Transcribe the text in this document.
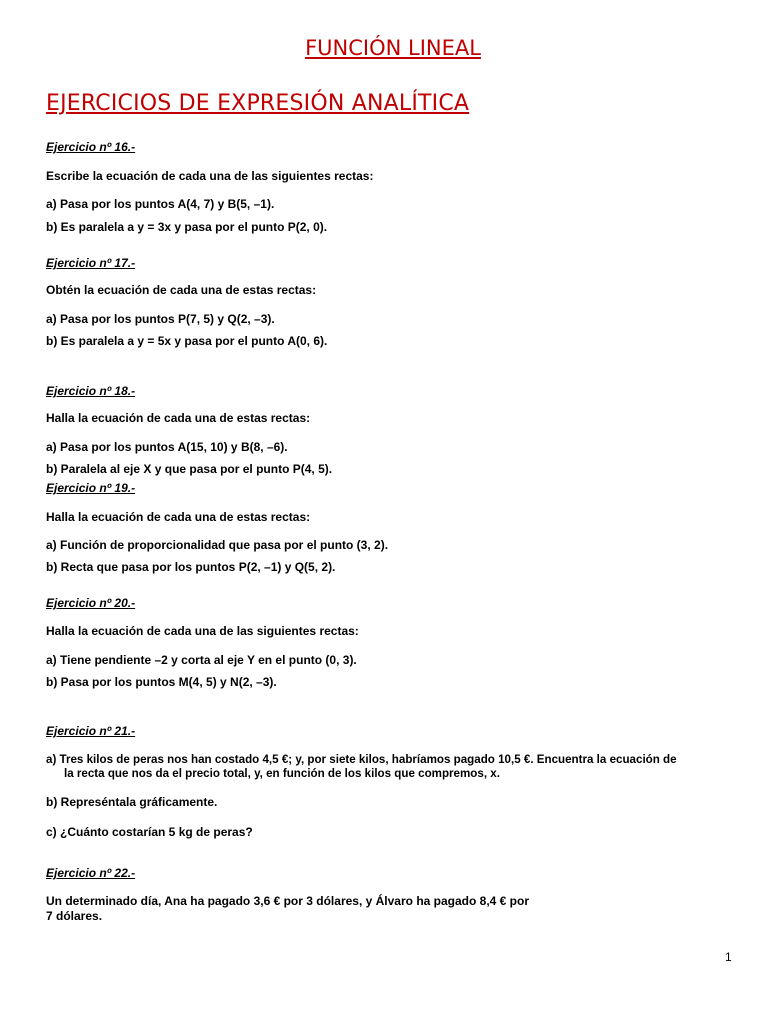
FUNCIÓN LINEAL
EJERCICIOS DE EXPRESIÓN ANALÍTICA
Ejercicio nº 16.-
Escribe la ecuación de cada una de las siguientes rectas:
a) Pasa por los puntos A(4, 7) y B(5, –1).
b) Es paralela a y = 3x y pasa por el punto P(2, 0).
Ejercicio nº 17.-
Obtén la ecuación de cada una de estas rectas:
a) Pasa por los puntos P(7, 5) y Q(2, –3).
b) Es paralela a y = 5x y pasa por el punto A(0, 6).
Ejercicio nº 18.-
Halla la ecuación de cada una de estas rectas:
a) Pasa por los puntos A(15, 10) y B(8, –6).
b) Paralela al eje X y que pasa por el punto P(4, 5).
Ejercicio nº 19.-
Halla la ecuación de cada una de estas rectas:
a) Función de proporcionalidad que pasa por el punto (3, 2).
b) Recta que pasa por los puntos P(2, –1) y Q(5, 2).
Ejercicio nº 20.-
Halla la ecuación de cada una de las siguientes rectas:
a) Tiene pendiente –2 y corta al eje Y en el punto (0, 3).
b) Pasa por los puntos M(4, 5) y N(2, –3).
Ejercicio nº 21.-
a) Tres kilos de peras nos han costado 4,5 €; y, por siete kilos, habríamos pagado 10,5 €. Encuentra la ecuación de
la recta que nos da el precio total, y, en función de los kilos que compremos, x.
b) Represéntala gráficamente.
c) ¿Cuánto costarían 5 kg de peras?
Ejercicio nº 22.-
Un determinado día, Ana ha pagado 3,6 € por 3 dólares, y Álvaro ha pagado 8,4 € por
7 dólares.
1
